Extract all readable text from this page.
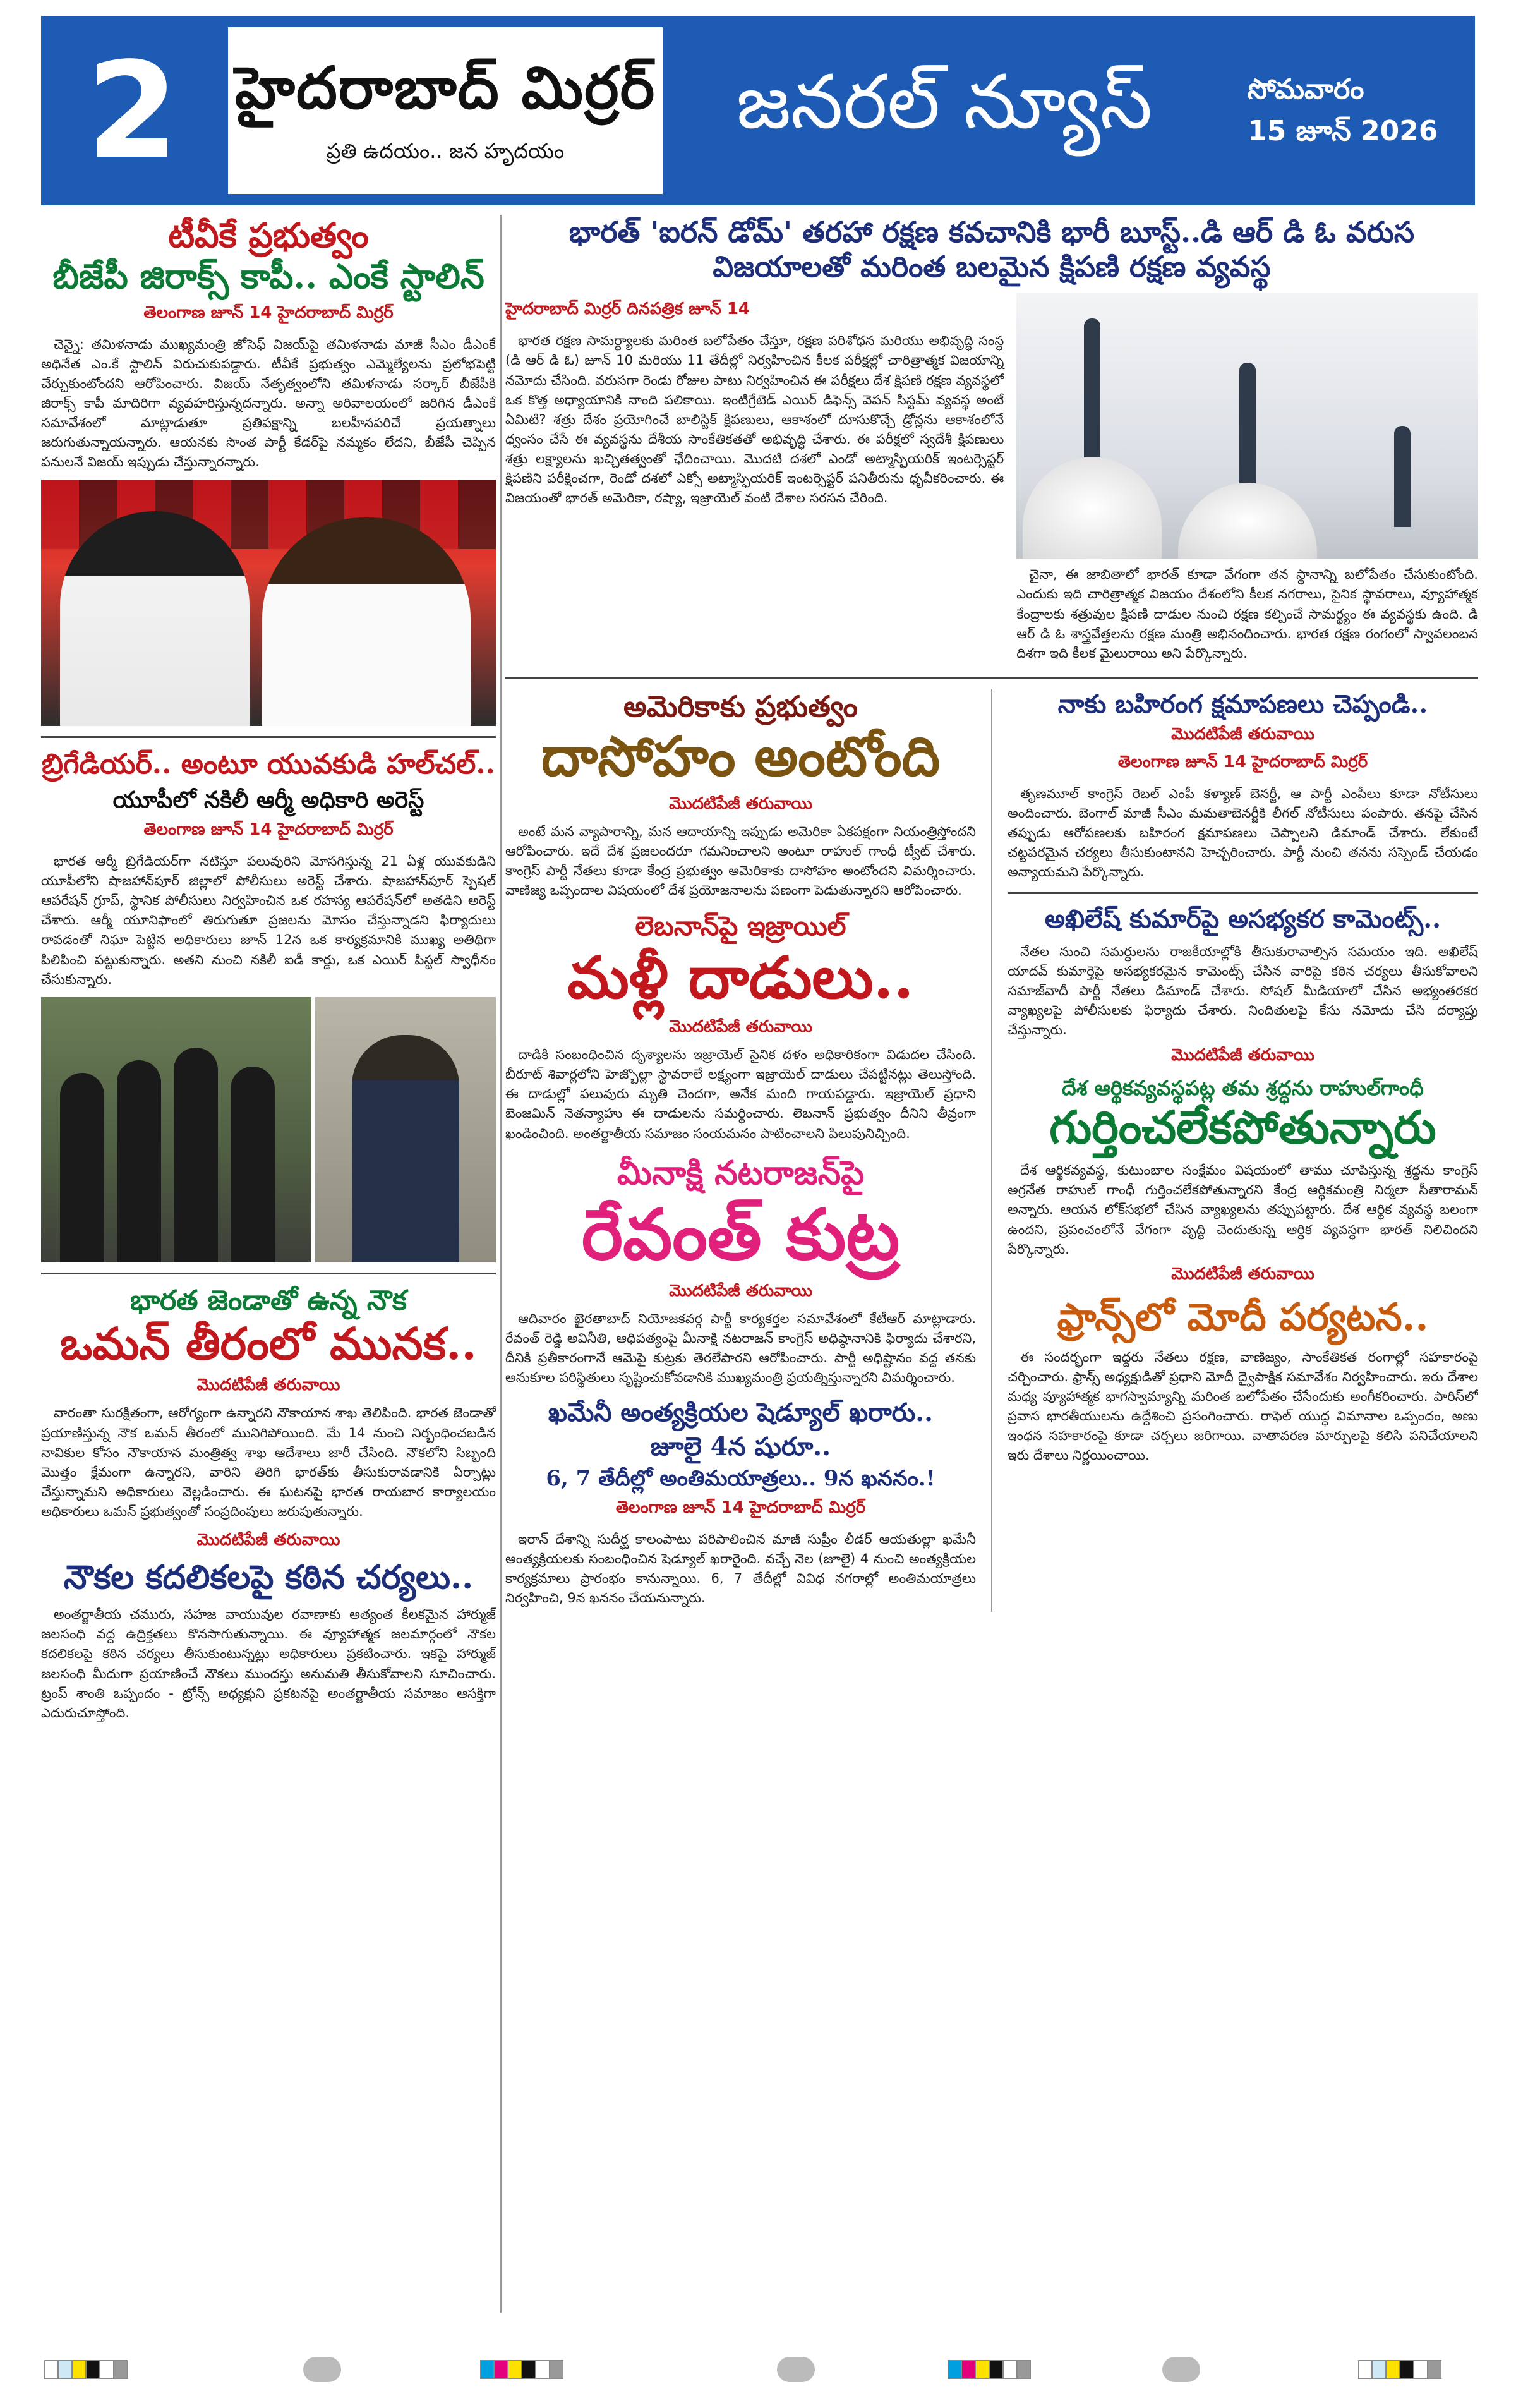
2 హైదరాబాద్ మిర్రర్
ప్రతి ఉదయం.. జన హృదయం
జనరల్ న్యూస్	సోమవారం
15 జూన్ 2026
టీవీకే ప్రభుత్వం
బీజేపీ జిరాక్స్ కాపీ.. ఎంకే స్టాలిన్
తెలంగాణ జూన్ 14 హైదరాబాద్ మిర్రర్

చెన్నై: తమిళనాడు ముఖ్యమంత్రి జోసెఫ్ విజయ్‌పై తమిళనాడు మాజీ సీఎం డీఎంకే అధినేత ఎం.కే స్టాలిన్ విరుచుకుపడ్డారు. టీవీకే ప్రభుత్వం ఎమ్మెల్యేలను ప్రలోభపెట్టి చేర్చుకుంటోందని ఆరోపించారు. విజయ్ నేతృత్వంలోని తమిళనాడు సర్కార్ బీజేపీకి జిరాక్స్ కాపీ మాదిరిగా వ్యవహరిస్తున్నదన్నారు. అన్నా అరివాలయంలో జరిగిన డీఎంకే సమావేశంలో మాట్లాడుతూ ప్రతిపక్షాన్ని బలహీనపరిచే ప్రయత్నాలు జరుగుతున్నాయన్నారు. ఆయనకు సొంత పార్టీ కేడర్‌పై నమ్మకం లేదని, బీజేపీ చెప్పిన పనులనే విజయ్ ఇప్పుడు చేస్తున్నారన్నారు.

బ్రిగేడియర్.. అంటూ యువకుడి హల్‌చల్..
యూపీలో నకిలీ ఆర్మీ అధికారి అరెస్ట్
తెలంగాణ జూన్ 14 హైదరాబాద్ మిర్రర్

భారత ఆర్మీ బ్రిగేడియర్‌గా నటిస్తూ పలువురిని మోసగిస్తున్న 21 ఏళ్ల యువకుడిని యూపీలోని షాజహాన్‌పూర్ జిల్లాలో పోలీసులు అరెస్ట్ చేశారు. షాజహాన్‌పూర్ స్పెషల్ ఆపరేషన్ గ్రూప్, స్థానిక పోలీసులు నిర్వహించిన ఒక రహస్య ఆపరేషన్‌లో అతడిని అరెస్ట్ చేశారు. ఆర్మీ యూనిఫాంలో తిరుగుతూ ప్రజలను మోసం చేస్తున్నాడని ఫిర్యాదులు రావడంతో నిఘా పెట్టిన అధికారులు జూన్ 12న ఒక కార్యక్రమానికి ముఖ్య అతిథిగా పిలిపించి పట్టుకున్నారు. అతని నుంచి నకిలీ ఐడీ కార్డు, ఒక ఎయిర్ పిస్టల్ స్వాధీనం చేసుకున్నారు.

భారత జెండాతో ఉన్న నౌక
ఒమన్ తీరంలో మునక..
మొదటిపేజీ తరువాయి

వారంతా సురక్షితంగా, ఆరోగ్యంగా ఉన్నారని నౌకాయాన శాఖ తెలిపింది. భారత జెండాతో ప్రయాణిస్తున్న నౌక ఒమన్ తీరంలో మునిగిపోయింది. మే 14 నుంచి నిర్బంధించబడిన నావికుల కోసం నౌకాయాన మంత్రిత్వ శాఖ ఆదేశాలు జారీ చేసింది. నౌకలోని సిబ్బంది మొత్తం క్షేమంగా ఉన్నారని, వారిని తిరిగి భారత్‌కు తీసుకురావడానికి ఏర్పాట్లు చేస్తున్నామని అధికారులు వెల్లడించారు. ఈ ఘటనపై భారత రాయబార కార్యాలయం అధికారులు ఒమన్ ప్రభుత్వంతో సంప్రదింపులు జరుపుతున్నారు.

మొదటిపేజీ తరువాయి
నౌకల కదలికలపై కఠిన చర్యలు..

అంతర్జాతీయ చమురు, సహజ వాయువుల రవాణాకు అత్యంత కీలకమైన హార్ముజ్ జలసంధి వద్ద ఉద్రిక్తతలు కొనసాగుతున్నాయి. ఈ వ్యూహాత్మక జలమార్గంలో నౌకల కదలికలపై కఠిన చర్యలు తీసుకుంటున్నట్లు అధికారులు ప్రకటించారు. ఇకపై హార్ముజ్ జలసంధి మీదుగా ప్రయాణించే నౌకలు ముందస్తు అనుమతి తీసుకోవాలని సూచించారు. ట్రంప్ శాంతి ఒప్పందం - ట్రోన్స్ అధ్యక్షుని ప్రకటనపై అంతర్జాతీయ సమాజం ఆసక్తిగా ఎదురుచూస్తోంది.

భారత్ 'ఐరన్ డోమ్' తరహా రక్షణ కవచానికి భారీ బూస్ట్..డి ఆర్ డి ఓ వరుస విజయాలతో మరింత బలమైన క్షిపణి రక్షణ వ్యవస్థ
హైదరాబాద్ మిర్రర్ దినపత్రిక జూన్ 14

భారత రక్షణ సామర్థ్యాలకు మరింత బలోపేతం చేస్తూ, రక్షణ పరిశోధన మరియు అభివృద్ధి సంస్థ (డి ఆర్ డి ఓ) జూన్ 10 మరియు 11 తేదీల్లో నిర్వహించిన కీలక పరీక్షల్లో చారిత్రాత్మక విజయాన్ని నమోదు చేసింది. వరుసగా రెండు రోజుల పాటు నిర్వహించిన ఈ పరీక్షలు దేశ క్షిపణి రక్షణ వ్యవస్థలో ఒక కొత్త అధ్యాయానికి నాంది పలికాయి. ఇంటిగ్రేటెడ్ ఎయిర్ డిఫెన్స్ వెపన్ సిస్టమ్ వ్యవస్థ అంటే ఏమిటి? శత్రు దేశం ప్రయోగించే బాలిస్టిక్ క్షిపణులు, ఆకాశంలో దూసుకొచ్చే డ్రోన్లను ఆకాశంలోనే ధ్వంసం చేసే ఈ వ్యవస్థను దేశీయ సాంకేతికతతో అభివృద్ధి చేశారు. ఈ పరీక్షలో స్వదేశీ క్షిపణులు శత్రు లక్ష్యాలను ఖచ్చితత్వంతో ఛేదించాయి. మొదటి దశలో ఎండో అట్మాస్ఫియరిక్ ఇంటర్సెప్టర్ క్షిపణిని పరీక్షించగా, రెండో దశలో ఎక్సో అట్మాస్ఫియరిక్ ఇంటర్సెప్టర్ పనితీరును ధృవీకరించారు. ఈ విజయంతో భారత్ అమెరికా, రష్యా, ఇజ్రాయెల్ వంటి దేశాల సరసన చేరింది.

చైనా, ఈ జాబితాలో భారత్ కూడా వేగంగా తన స్థానాన్ని బలోపేతం చేసుకుంటోంది. ఎందుకు ఇది చారిత్రాత్మక విజయం దేశంలోని కీలక నగరాలు, సైనిక స్థావరాలు, వ్యూహాత్మక కేంద్రాలకు శత్రువుల క్షిపణి దాడుల నుంచి రక్షణ కల్పించే సామర్థ్యం ఈ వ్యవస్థకు ఉంది. డి ఆర్ డి ఓ శాస్త్రవేత్తలను రక్షణ మంత్రి అభినందించారు. భారత రక్షణ రంగంలో స్వావలంబన దిశగా ఇది కీలక మైలురాయి అని పేర్కొన్నారు.

అమెరికాకు ప్రభుత్వం
దాసోహం అంటోంది
మొదటిపేజీ తరువాయి

అంటే మన వ్యాపారాన్ని, మన ఆదాయాన్ని ఇప్పుడు అమెరికా ఏకపక్షంగా నియంత్రిస్తోందని ఆరోపించారు. ఇదే దేశ ప్రజలందరూ గమనించాలని అంటూ రాహుల్ గాంధీ ట్వీట్ చేశారు. కాంగ్రెస్ పార్టీ నేతలు కూడా కేంద్ర ప్రభుత్వం అమెరికాకు దాసోహం అంటోందని విమర్శించారు. వాణిజ్య ఒప్పందాల విషయంలో దేశ ప్రయోజనాలను పణంగా పెడుతున్నారని ఆరోపించారు.

లెబనాన్‌పై ఇజ్రాయిల్
మళ్లీ దాడులు..
మొదటిపేజీ తరువాయి

దాడికి సంబంధించిన దృశ్యాలను ఇజ్రాయెల్ సైనిక దళం అధికారికంగా విడుదల చేసింది. బీరూట్ శివార్లలోని హెజ్బొల్లా స్థావరాలే లక్ష్యంగా ఇజ్రాయెల్ దాడులు చేపట్టినట్లు తెలుస్తోంది. ఈ దాడుల్లో పలువురు మృతి చెందగా, అనేక మంది గాయపడ్డారు. ఇజ్రాయెల్ ప్రధాని బెంజమిన్ నెతన్యాహు ఈ దాడులను సమర్థించారు. లెబనాన్ ప్రభుత్వం దీనిని తీవ్రంగా ఖండించింది. అంతర్జాతీయ సమాజం సంయమనం పాటించాలని పిలుపునిచ్చింది.

మీనాక్షి నటరాజన్‌పై
రేవంత్ కుట్ర
మొదటిపేజీ తరువాయి

ఆదివారం ఖైరతాబాద్ నియోజకవర్గ పార్టీ కార్యకర్తల సమావేశంలో కేటీఆర్ మాట్లాడారు. రేవంత్ రెడ్డి అవినీతి, ఆధిపత్యంపై మీనాక్షి నటరాజన్ కాంగ్రెస్ అధిష్ఠానానికి ఫిర్యాదు చేశారని, దీనికి ప్రతీకారంగానే ఆమెపై కుట్రకు తెరలేపారని ఆరోపించారు. పార్టీ అధిష్టానం వద్ద తనకు అనుకూల పరిస్థితులు సృష్టించుకోవడానికి ముఖ్యమంత్రి ప్రయత్నిస్తున్నారని విమర్శించారు.

ఖమేనీ అంత్యక్రియల షెడ్యూల్ ఖరారు..
జూలై 4న షురూ..
6, 7 తేదీల్లో అంతిమయాత్రలు.. 9న ఖననం.!
తెలంగాణ జూన్ 14 హైదరాబాద్ మిర్రర్

ఇరాన్ దేశాన్ని సుదీర్ఘ కాలంపాటు పరిపాలించిన మాజీ సుప్రీం లీడర్ ఆయతుల్లా ఖమేనీ అంత్యక్రియలకు సంబంధించిన షెడ్యూల్ ఖరారైంది. వచ్చే నెల (జూలై) 4 నుంచి అంత్యక్రియల కార్యక్రమాలు ప్రారంభం కానున్నాయి. 6, 7 తేదీల్లో వివిధ నగరాల్లో అంతిమయాత్రలు నిర్వహించి, 9న ఖననం చేయనున్నారు.

నాకు బహిరంగ క్షమాపణలు చెప్పండి..
మొదటిపేజీ తరువాయి
తెలంగాణ జూన్ 14 హైదరాబాద్ మిర్రర్

తృణమూల్ కాంగ్రెస్ రెబల్ ఎంపీ కళ్యాణ్ బెనర్జీ, ఆ పార్టీ ఎంపీలు కూడా నోటీసులు అందించారు. బెంగాల్ మాజీ సీఎం మమతాబెనర్జీకి లీగల్ నోటీసులు పంపారు. తనపై చేసిన తప్పుడు ఆరోపణలకు బహిరంగ క్షమాపణలు చెప్పాలని డిమాండ్ చేశారు. లేకుంటే చట్టపరమైన చర్యలు తీసుకుంటానని హెచ్చరించారు. పార్టీ నుంచి తనను సస్పెండ్ చేయడం అన్యాయమని పేర్కొన్నారు.

అఖిలేష్ కుమార్‌పై అసభ్యకర కామెంట్స్..

నేతల నుంచి సమర్థులను రాజకీయాల్లోకి తీసుకురావాల్సిన సమయం ఇది. అఖిలేష్ యాదవ్ కుమార్తెపై అసభ్యకరమైన కామెంట్స్ చేసిన వారిపై కఠిన చర్యలు తీసుకోవాలని సమాజ్‌వాదీ పార్టీ నేతలు డిమాండ్ చేశారు. సోషల్ మీడియాలో చేసిన అభ్యంతరకర వ్యాఖ్యలపై పోలీసులకు ఫిర్యాదు చేశారు. నిందితులపై కేసు నమోదు చేసి దర్యాప్తు చేస్తున్నారు.

మొదటిపేజీ తరువాయి
దేశ ఆర్థికవ్యవస్థపట్ల తమ శ్రద్ధను రాహుల్‌గాంధీ
గుర్తించలేకపోతున్నారు

దేశ ఆర్థికవ్యవస్థ, కుటుంబాల సంక్షేమం విషయంలో తాము చూపిస్తున్న శ్రద్ధను కాంగ్రెస్ అగ్రనేత రాహుల్ గాంధీ గుర్తించలేకపోతున్నారని కేంద్ర ఆర్థికమంత్రి నిర్మలా సీతారామన్ అన్నారు. ఆయన లోక్‌సభలో చేసిన వ్యాఖ్యలను తప్పుపట్టారు. దేశ ఆర్థిక వ్యవస్థ బలంగా ఉందని, ప్రపంచంలోనే వేగంగా వృద్ధి చెందుతున్న ఆర్థిక వ్యవస్థగా భారత్ నిలిచిందని పేర్కొన్నారు.

మొదటిపేజీ తరువాయి
ఫ్రాన్స్‌లో మోదీ పర్యటన..

ఈ సందర్భంగా ఇద్దరు నేతలు రక్షణ, వాణిజ్యం, సాంకేతికత రంగాల్లో సహకారంపై చర్చించారు. ఫ్రాన్స్ అధ్యక్షుడితో ప్రధాని మోదీ ద్వైపాక్షిక సమావేశం నిర్వహించారు. ఇరు దేశాల మధ్య వ్యూహాత్మక భాగస్వామ్యాన్ని మరింత బలోపేతం చేసేందుకు అంగీకరించారు. పారిస్‌లో ప్రవాస భారతీయులను ఉద్దేశించి ప్రసంగించారు. రాఫెల్ యుద్ధ విమానాల ఒప్పందం, అణు ఇంధన సహకారంపై కూడా చర్చలు జరిగాయి. వాతావరణ మార్పులపై కలిసి పనిచేయాలని ఇరు దేశాలు నిర్ణయించాయి.
